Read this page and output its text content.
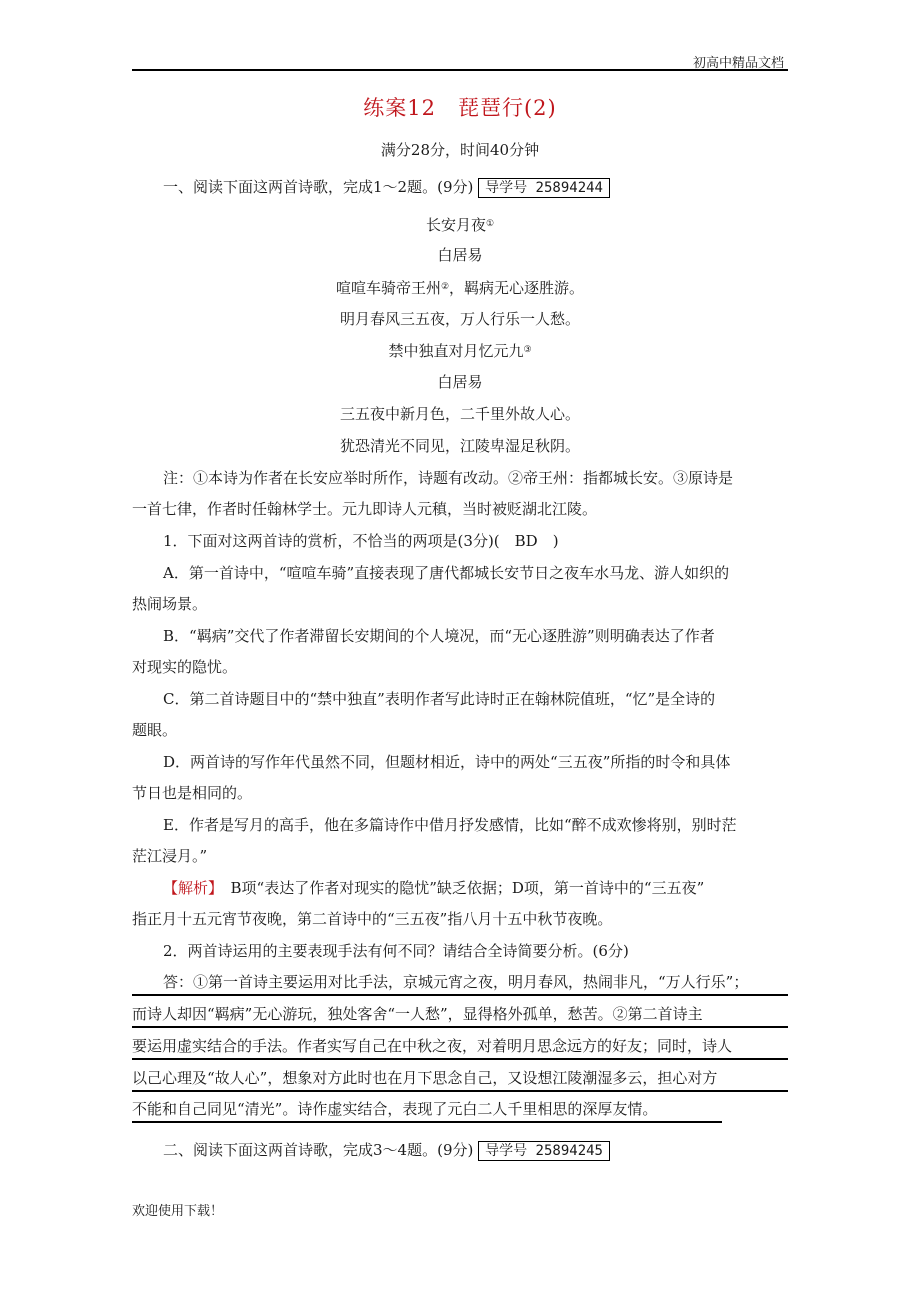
初高中精品文档
练案12　琵琶行(2)
满分28分，时间40分钟
一、阅读下面这两首诗歌，完成1～2题。(9分) 导学号 25894244
长安月夜①
白居易
喧喧车骑帝王州②，羁病无心逐胜游。
明月春风三五夜，万人行乐一人愁。
禁中独直对月忆元九③
白居易
三五夜中新月色，二千里外故人心。
犹恐清光不同见，江陵卑湿足秋阴。
注：①本诗为作者在长安应举时所作，诗题有改动。②帝王州：指都城长安。③原诗是
一首七律，作者时任翰林学士。元九即诗人元稹，当时被贬湖北江陵。
1．下面对这两首诗的赏析，不恰当的两项是(3分)(　BD　)
A．第一首诗中，“喧喧车骑”直接表现了唐代都城长安节日之夜车水马龙、游人如织的
热闹场景。
B．“羁病”交代了作者滞留长安期间的个人境况，而“无心逐胜游”则明确表达了作者
对现实的隐忧。
C．第二首诗题目中的“禁中独直”表明作者写此诗时正在翰林院值班，“忆”是全诗的
题眼。
D．两首诗的写作年代虽然不同，但题材相近，诗中的两处“三五夜”所指的时令和具体
节日也是相同的。
E．作者是写月的高手，他在多篇诗作中借月抒发感情，比如“醉不成欢惨将别，别时茫
茫江浸月。”
【解析】　B项“表达了作者对现实的隐忧”缺乏依据；D项，第一首诗中的“三五夜”
指正月十五元宵节夜晚，第二首诗中的“三五夜”指八月十五中秋节夜晚。
2．两首诗运用的主要表现手法有何不同？请结合全诗简要分析。(6分)
答：①第一首诗主要运用对比手法，京城元宵之夜，明月春风，热闹非凡，“万人行乐”；
而诗人却因“羁病”无心游玩，独处客舍“一人愁”，显得格外孤单，愁苦。②第二首诗主
要运用虚实结合的手法。作者实写自己在中秋之夜，对着明月思念远方的好友；同时，诗人
以己心理及“故人心”，想象对方此时也在月下思念自己，又设想江陵潮湿多云，担心对方
不能和自己同见“清光”。诗作虚实结合，表现了元白二人千里相思的深厚友情。
二、阅读下面这两首诗歌，完成3～4题。(9分) 导学号 25894245
欢迎使用下载！
